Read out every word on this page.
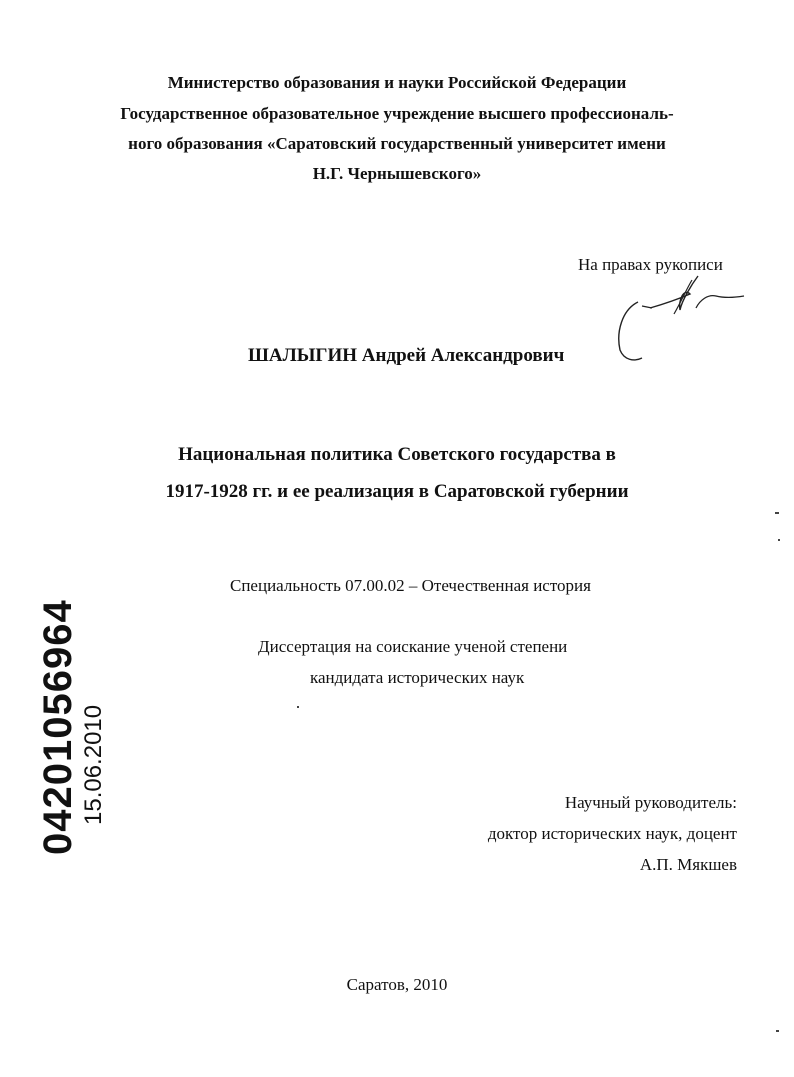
Министерство образования и науки Российской Федерации
Государственное образовательное учреждение высшего профессиональ-
ного образования «Саратовский государственный университет имени
Н.Г. Чернышевского»
На правах рукописи
ШАЛЫГИН Андрей Александрович
Национальная политика Советского государства в
1917-1928 гг. и ее реализация в Саратовской губернии
Специальность 07.00.02 – Отечественная история
Диссертация на соискание ученой степени
кандидата исторических наук
Научный руководитель:
доктор исторических наук, доцент
А.П. Мякшев
Саратов, 2010
04201056964 15.06.2010
